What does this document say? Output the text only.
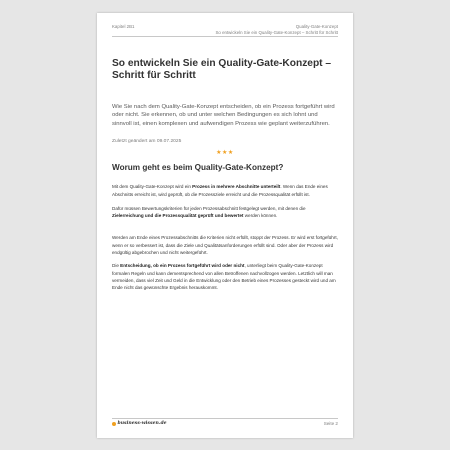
Kapitel 2B1	Quality-Gate-Konzept
So entwickeln Sie ein Quality-Gate-Konzept – Schritt für Schritt
So entwickeln Sie ein Quality-Gate-Konzept – Schritt für Schritt
Wie Sie nach dem Quality-Gate-Konzept entscheiden, ob ein Prozess fortgeführt wird oder nicht. Sie erkennen, ob und unter welchen Bedingungen es sich lohnt und sinnvoll ist, einen komplexen und aufwendigen Prozess wie geplant weiterzuführen.
Zuletzt geändert am 09.07.2025
★★★
Worum geht es beim Quality-Gate-Konzept?

Mit dem Quality-Gate-Konzept wird ein Prozess in mehrere Abschnitte unterteilt. Wenn das Ende eines Abschnitts erreicht ist, wird geprüft, ob die Prozessziele erreicht und die Prozessqualität erfüllt ist.

Dafür müssen Bewertungskriterien für jeden Prozessabschnitt festgelegt werden, mit denen die Zielerreichung und die Prozessqualität geprüft und bewertet werden können.

Werden am Ende eines Prozessabschnitts die Kriterien nicht erfüllt, stoppt der Prozess. Er wird erst fortgeführt, wenn er so verbessert ist, dass die Ziele und Qualitätsanforderungen erfüllt sind. Oder aber der Prozess wird endgültig abgebrochen und nicht weitergeführt.

Die Entscheidung, ob ein Prozess fortgeführt wird oder nicht, unterliegt beim Quality-Gate-Konzept formalen Regeln und kann dementsprechend von allen Betroffenen nachvollzogen werden. Letztlich will man vermeiden, dass viel Zeit und Geld in die Entwicklung oder den Betrieb eines Prozesses gesteckt wird und am Ende nicht das gewünschte Ergebnis herauskommt.

business-wissen.de	Seite 2
